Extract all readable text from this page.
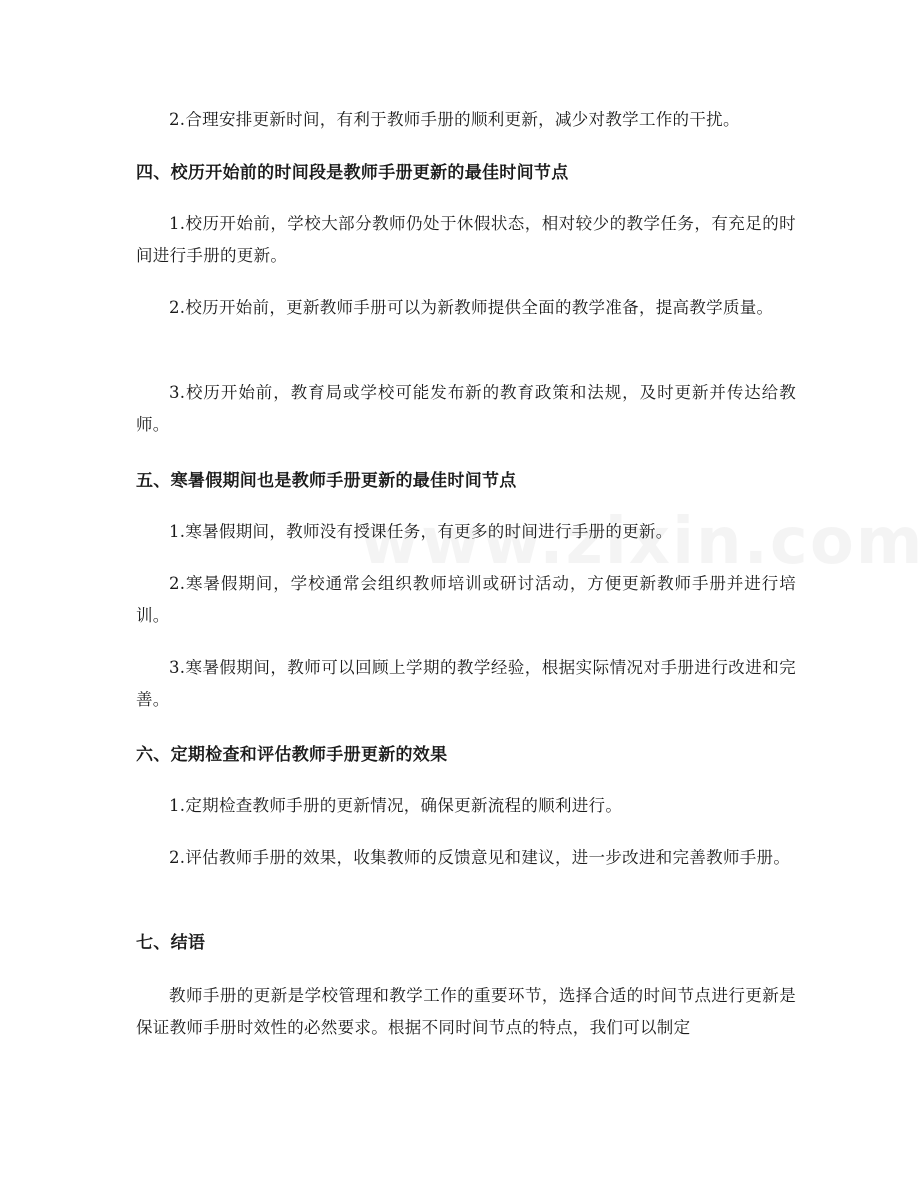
2.合理安排更新时间，有利于教师手册的顺利更新，减少对教学工作的干扰。

四、校历开始前的时间段是教师手册更新的最佳时间节点

1.校历开始前，学校大部分教师仍处于休假状态，相对较少的教学任务，有充足的时间进行手册的更新。

2.校历开始前，更新教师手册可以为新教师提供全面的教学准备，提高教学质量。

3.校历开始前，教育局或学校可能发布新的教育政策和法规，及时更新并传达给教师。

五、寒暑假期间也是教师手册更新的最佳时间节点

1.寒暑假期间，教师没有授课任务，有更多的时间进行手册的更新。

2.寒暑假期间，学校通常会组织教师培训或研讨活动，方便更新教师手册并进行培训。

3.寒暑假期间，教师可以回顾上学期的教学经验，根据实际情况对手册进行改进和完善。

六、定期检查和评估教师手册更新的效果

1.定期检查教师手册的更新情况，确保更新流程的顺利进行。

2.评估教师手册的效果，收集教师的反馈意见和建议，进一步改进和完善教师手册。

七、结语

教师手册的更新是学校管理和教学工作的重要环节，选择合适的时间节点进行更新是保证教师手册时效性的必然要求。根据不同时间节点的特点，我们可以制定
